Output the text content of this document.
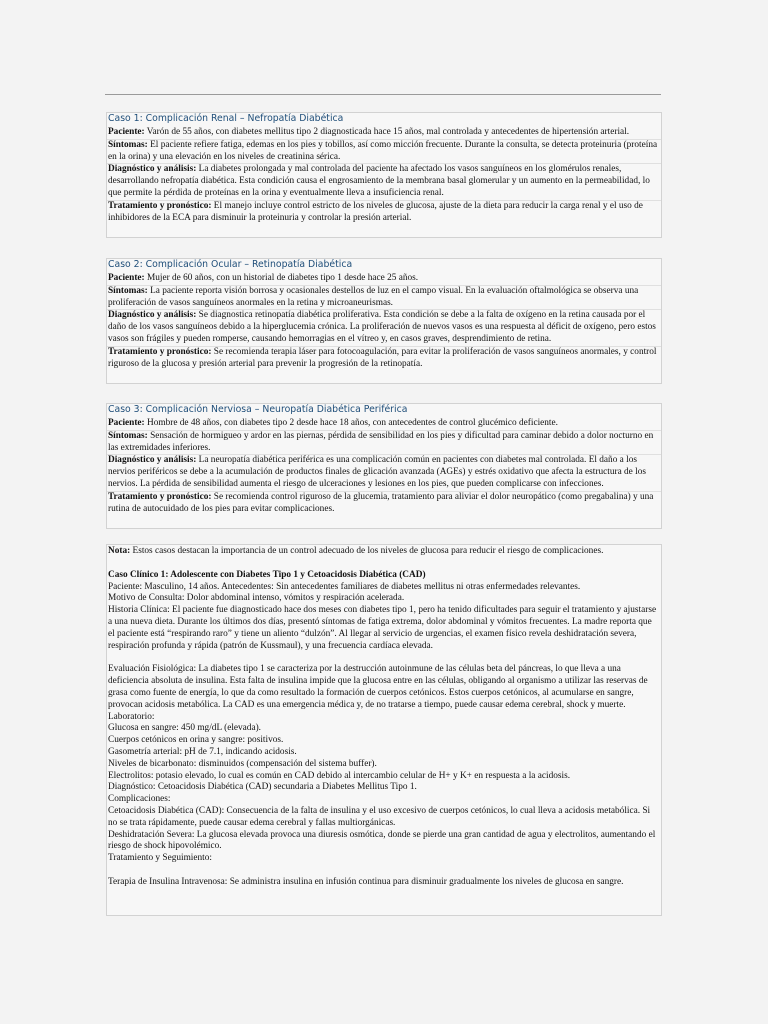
Caso 1: Complicación Renal – Nefropatía Diabética
Paciente: Varón de 55 años, con diabetes mellitus tipo 2 diagnosticada hace 15 años, mal controlada y antecedentes de hipertensión arterial.
Síntomas: El paciente refiere fatiga, edemas en los pies y tobillos, así como micción frecuente. Durante la consulta, se detecta proteinuria (proteína en la orina) y una elevación en los niveles de creatinina sérica.
Diagnóstico y análisis: La diabetes prolongada y mal controlada del paciente ha afectado los vasos sanguíneos en los glomérulos renales, desarrollando nefropatía diabética. Esta condición causa el engrosamiento de la membrana basal glomerular y un aumento en la permeabilidad, lo que permite la pérdida de proteínas en la orina y eventualmente lleva a insuficiencia renal.
Tratamiento y pronóstico: El manejo incluye control estricto de los niveles de glucosa, ajuste de la dieta para reducir la carga renal y el uso de inhibidores de la ECA para disminuir la proteinuria y controlar la presión arterial.
Caso 2: Complicación Ocular – Retinopatía Diabética
Paciente: Mujer de 60 años, con un historial de diabetes tipo 1 desde hace 25 años.
Síntomas: La paciente reporta visión borrosa y ocasionales destellos de luz en el campo visual. En la evaluación oftalmológica se observa una proliferación de vasos sanguíneos anormales en la retina y microaneurismas.
Diagnóstico y análisis: Se diagnostica retinopatía diabética proliferativa. Esta condición se debe a la falta de oxígeno en la retina causada por el daño de los vasos sanguíneos debido a la hiperglucemia crónica. La proliferación de nuevos vasos es una respuesta al déficit de oxígeno, pero estos vasos son frágiles y pueden romperse, causando hemorragias en el vítreo y, en casos graves, desprendimiento de retina.
Tratamiento y pronóstico: Se recomienda terapia láser para fotocoagulación, para evitar la proliferación de vasos sanguíneos anormales, y control riguroso de la glucosa y presión arterial para prevenir la progresión de la retinopatía.
Caso 3: Complicación Nerviosa – Neuropatía Diabética Periférica
Paciente: Hombre de 48 años, con diabetes tipo 2 desde hace 18 años, con antecedentes de control glucémico deficiente.
Síntomas: Sensación de hormigueo y ardor en las piernas, pérdida de sensibilidad en los pies y dificultad para caminar debido a dolor nocturno en las extremidades inferiores.
Diagnóstico y análisis: La neuropatía diabética periférica es una complicación común en pacientes con diabetes mal controlada. El daño a los nervios periféricos se debe a la acumulación de productos finales de glicación avanzada (AGEs) y estrés oxidativo que afecta la estructura de los nervios. La pérdida de sensibilidad aumenta el riesgo de ulceraciones y lesiones en los pies, que pueden complicarse con infecciones.
Tratamiento y pronóstico: Se recomienda control riguroso de la glucemia, tratamiento para aliviar el dolor neuropático (como pregabalina) y una rutina de autocuidado de los pies para evitar complicaciones.

Nota: Estos casos destacan la importancia de un control adecuado de los niveles de glucosa para reducir el riesgo de complicaciones.

Caso Clínico 1: Adolescente con Diabetes Tipo 1 y Cetoacidosis Diabética (CAD)

Paciente: Masculino, 14 años. Antecedentes: Sin antecedentes familiares de diabetes mellitus ni otras enfermedades relevantes.

Motivo de Consulta: Dolor abdominal intenso, vómitos y respiración acelerada.

Historia Clínica: El paciente fue diagnosticado hace dos meses con diabetes tipo 1, pero ha tenido dificultades para seguir el tratamiento y ajustarse a una nueva dieta. Durante los últimos dos días, presentó síntomas de fatiga extrema, dolor abdominal y vómitos frecuentes. La madre reporta que el paciente está “respirando raro” y tiene un aliento “dulzón”. Al llegar al servicio de urgencias, el examen físico revela deshidratación severa, respiración profunda y rápida (patrón de Kussmaul), y una frecuencia cardíaca elevada.

Evaluación Fisiológica: La diabetes tipo 1 se caracteriza por la destrucción autoinmune de las células beta del páncreas, lo que lleva a una deficiencia absoluta de insulina. Esta falta de insulina impide que la glucosa entre en las células, obligando al organismo a utilizar las reservas de grasa como fuente de energía, lo que da como resultado la formación de cuerpos cetónicos. Estos cuerpos cetónicos, al acumularse en sangre, provocan acidosis metabólica. La CAD es una emergencia médica y, de no tratarse a tiempo, puede causar edema cerebral, shock y muerte.

Laboratorio:

Glucosa en sangre: 450 mg/dL (elevada).

Cuerpos cetónicos en orina y sangre: positivos.

Gasometría arterial: pH de 7.1, indicando acidosis.

Niveles de bicarbonato: disminuidos (compensación del sistema buffer).

Electrolitos: potasio elevado, lo cual es común en CAD debido al intercambio celular de H+ y K+ en respuesta a la acidosis.

Diagnóstico: Cetoacidosis Diabética (CAD) secundaria a Diabetes Mellitus Tipo 1.

Complicaciones:

Cetoacidosis Diabética (CAD): Consecuencia de la falta de insulina y el uso excesivo de cuerpos cetónicos, lo cual lleva a acidosis metabólica. Si no se trata rápidamente, puede causar edema cerebral y fallas multiorgánicas.

Deshidratación Severa: La glucosa elevada provoca una diuresis osmótica, donde se pierde una gran cantidad de agua y electrolitos, aumentando el riesgo de shock hipovolémico.

Tratamiento y Seguimiento:

Terapia de Insulina Intravenosa: Se administra insulina en infusión continua para disminuir gradualmente los niveles de glucosa en sangre.
